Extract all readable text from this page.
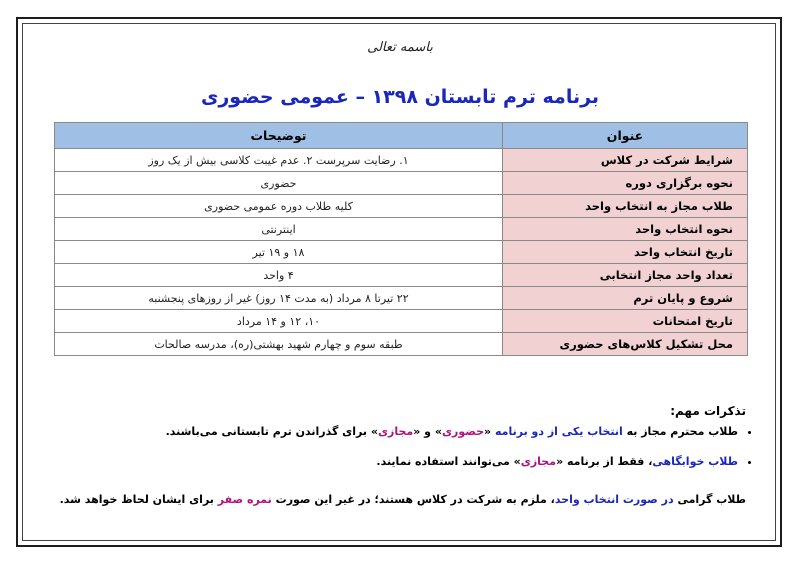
باسمه تعالی
برنامه ترم تابستان ۱۳۹۸ – عمومی حضوری
عنوان	توضیحات
شرایط شرکت در کلاس	۱. رضایت سرپرست ۲. عدم غیبت کلاسی بیش از یک روز
نحوه برگزاری دوره	حضوری
طلاب مجاز به انتخاب واحد	کلیه طلاب دوره عمومی حضوری
نحوه انتخاب واحد	اینترنتی
تاریخ انتخاب واحد	۱۸ و ۱۹ تیر
تعداد واحد مجاز انتخابی	۴ واحد
شروع و پایان ترم	۲۲ تیرتا ۸ مرداد (به مدت ۱۴ روز) غیر از روزهای پنجشنبه
تاریخ امتحانات	۱۰، ۱۲ و ۱۴ مرداد
محل تشکیل کلاس‌های حضوری	طبقه سوم و چهارم شهید بهشتی(ره)، مدرسه صالحات
تذکرات مهم:
• طلاب محترم مجاز به انتخاب یکی از دو برنامه «حضوری» و «مجازی» برای گذراندن ترم تابستانی می‌باشند.
• طلاب خوابگاهی، فقط از برنامه «مجازی» می‌توانند استفاده نمایند.
طلاب گرامی در صورت انتخاب واحد، ملزم به شرکت در کلاس هستند؛ در غیر این صورت نمره صفر برای ایشان لحاظ خواهد شد.
